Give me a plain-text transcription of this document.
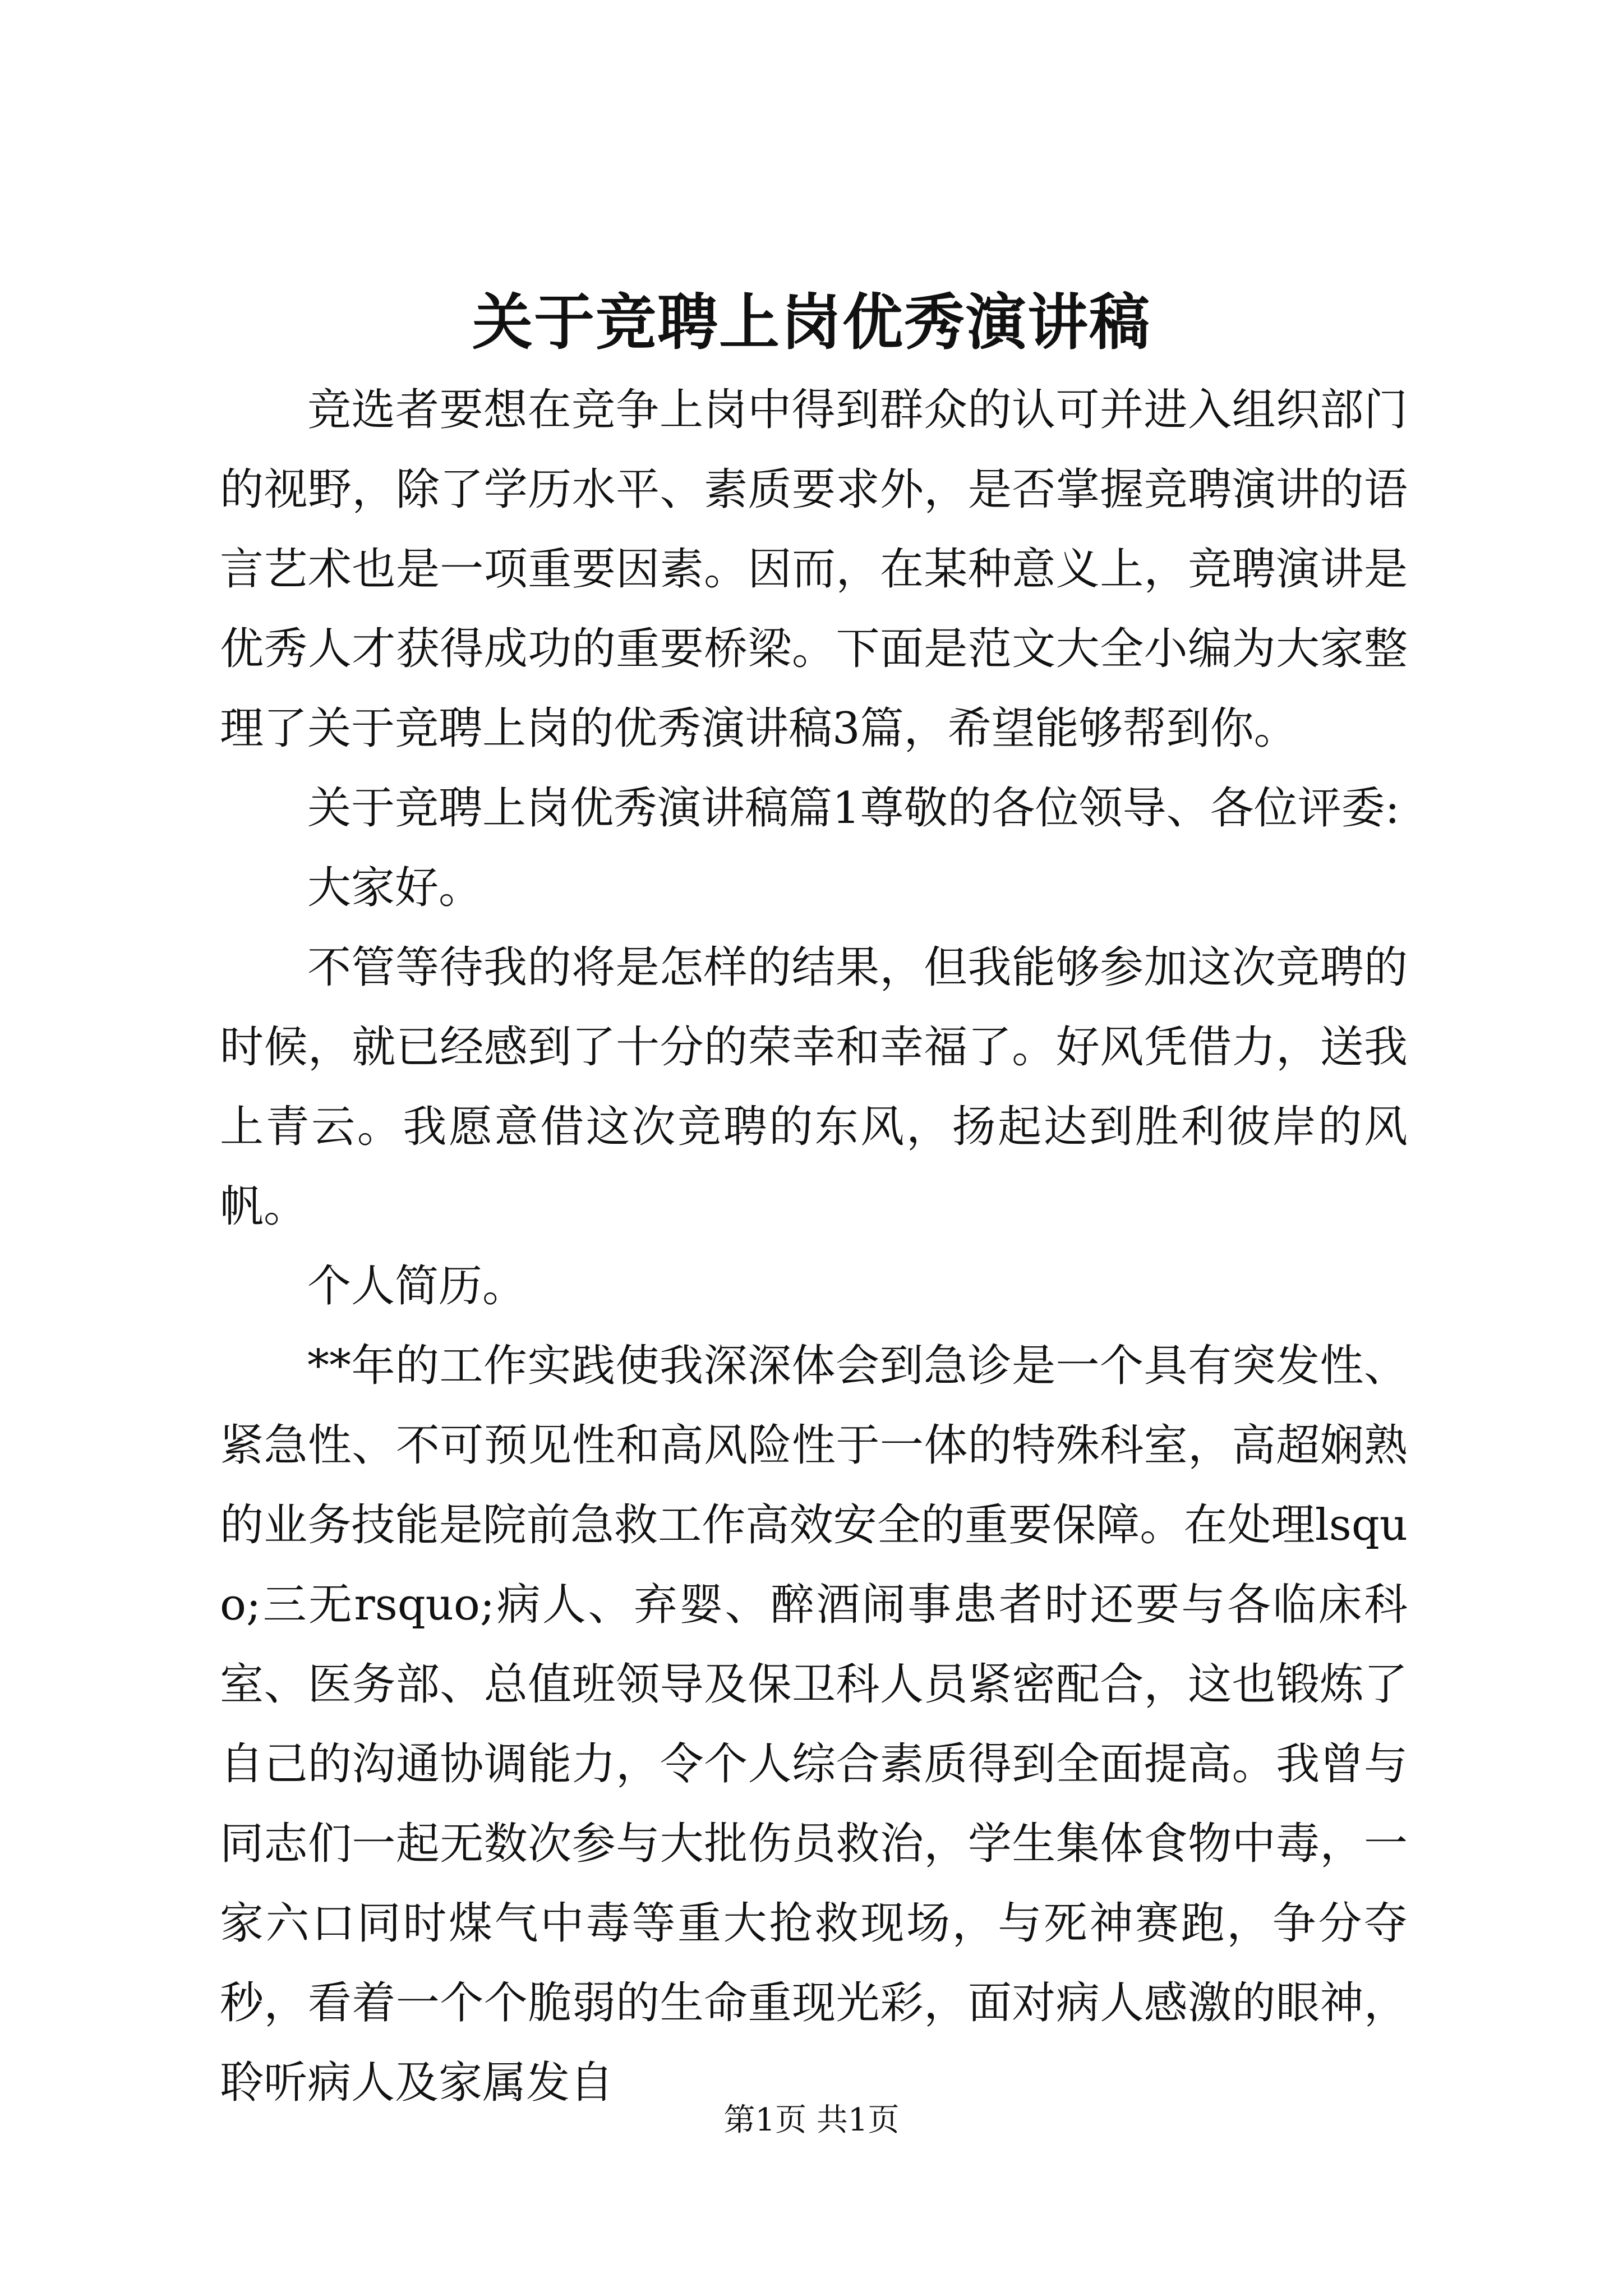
关于竞聘上岗优秀演讲稿

竞选者要想在竞争上岗中得到群众的认可并进入组织部门的视野，除了学历水平、素质要求外，是否掌握竞聘演讲的语言艺术也是一项重要因素。因而，在某种意义上，竞聘演讲是优秀人才获得成功的重要桥梁。下面是范文大全小编为大家整理了关于竞聘上岗的优秀演讲稿3篇，希望能够帮到你。

关于竞聘上岗优秀演讲稿篇1尊敬的各位领导、各位评委:

大家好。

不管等待我的将是怎样的结果，但我能够参加这次竞聘的时候，就已经感到了十分的荣幸和幸福了。好风凭借力，送我上青云。我愿意借这次竞聘的东风，扬起达到胜利彼岸的风帆。

个人简历。

**年的工作实践使我深深体会到急诊是一个具有突发性、紧急性、不可预见性和高风险性于一体的特殊科室，高超娴熟的业务技能是院前急救工作高效安全的重要保障。在处理lsquo;三无rsquo;病人、弃婴、醉酒闹事患者时还要与各临床科室、医务部、总值班领导及保卫科人员紧密配合，这也锻炼了自己的沟通协调能力，令个人综合素质得到全面提高。我曾与同志们一起无数次参与大批伤员救治，学生集体食物中毒，一家六口同时煤气中毒等重大抢救现场，与死神赛跑，争分夺秒，看着一个个脆弱的生命重现光彩，面对病人感激的眼神，聆听病人及家属发自

第1页 共1页
